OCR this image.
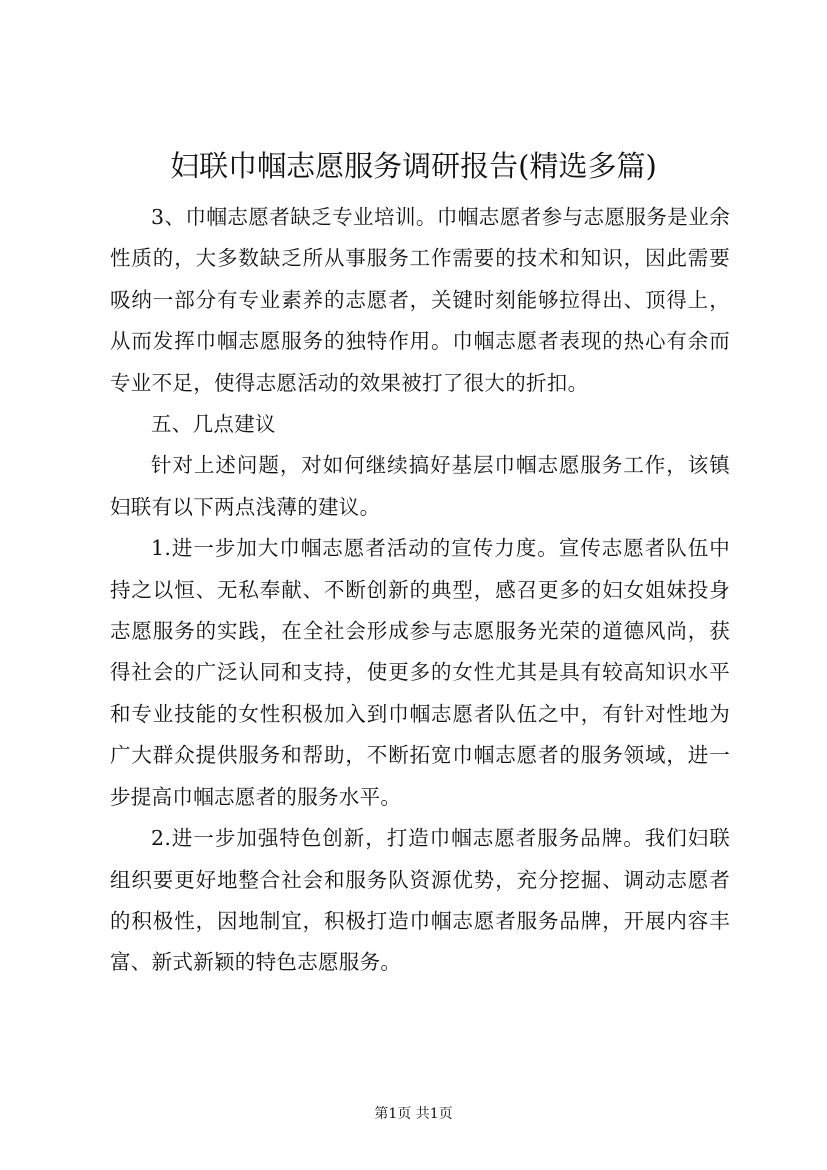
妇联巾帼志愿服务调研报告(精选多篇)

3、巾帼志愿者缺乏专业培训。巾帼志愿者参与志愿服务是业余性质的，大多数缺乏所从事服务工作需要的技术和知识，因此需要吸纳一部分有专业素养的志愿者，关键时刻能够拉得出、顶得上，从而发挥巾帼志愿服务的独特作用。巾帼志愿者表现的热心有余而专业不足，使得志愿活动的效果被打了很大的折扣。

五、几点建议

针对上述问题，对如何继续搞好基层巾帼志愿服务工作，该镇妇联有以下两点浅薄的建议。

1.进一步加大巾帼志愿者活动的宣传力度。宣传志愿者队伍中持之以恒、无私奉献、不断创新的典型，感召更多的妇女姐妹投身志愿服务的实践，在全社会形成参与志愿服务光荣的道德风尚，获得社会的广泛认同和支持，使更多的女性尤其是具有较高知识水平和专业技能的女性积极加入到巾帼志愿者队伍之中，有针对性地为广大群众提供服务和帮助，不断拓宽巾帼志愿者的服务领域，进一步提高巾帼志愿者的服务水平。

2.进一步加强特色创新，打造巾帼志愿者服务品牌。我们妇联组织要更好地整合社会和服务队资源优势，充分挖掘、调动志愿者的积极性，因地制宜，积极打造巾帼志愿者服务品牌，开展内容丰富、新式新颖的特色志愿服务。

第1页 共1页
